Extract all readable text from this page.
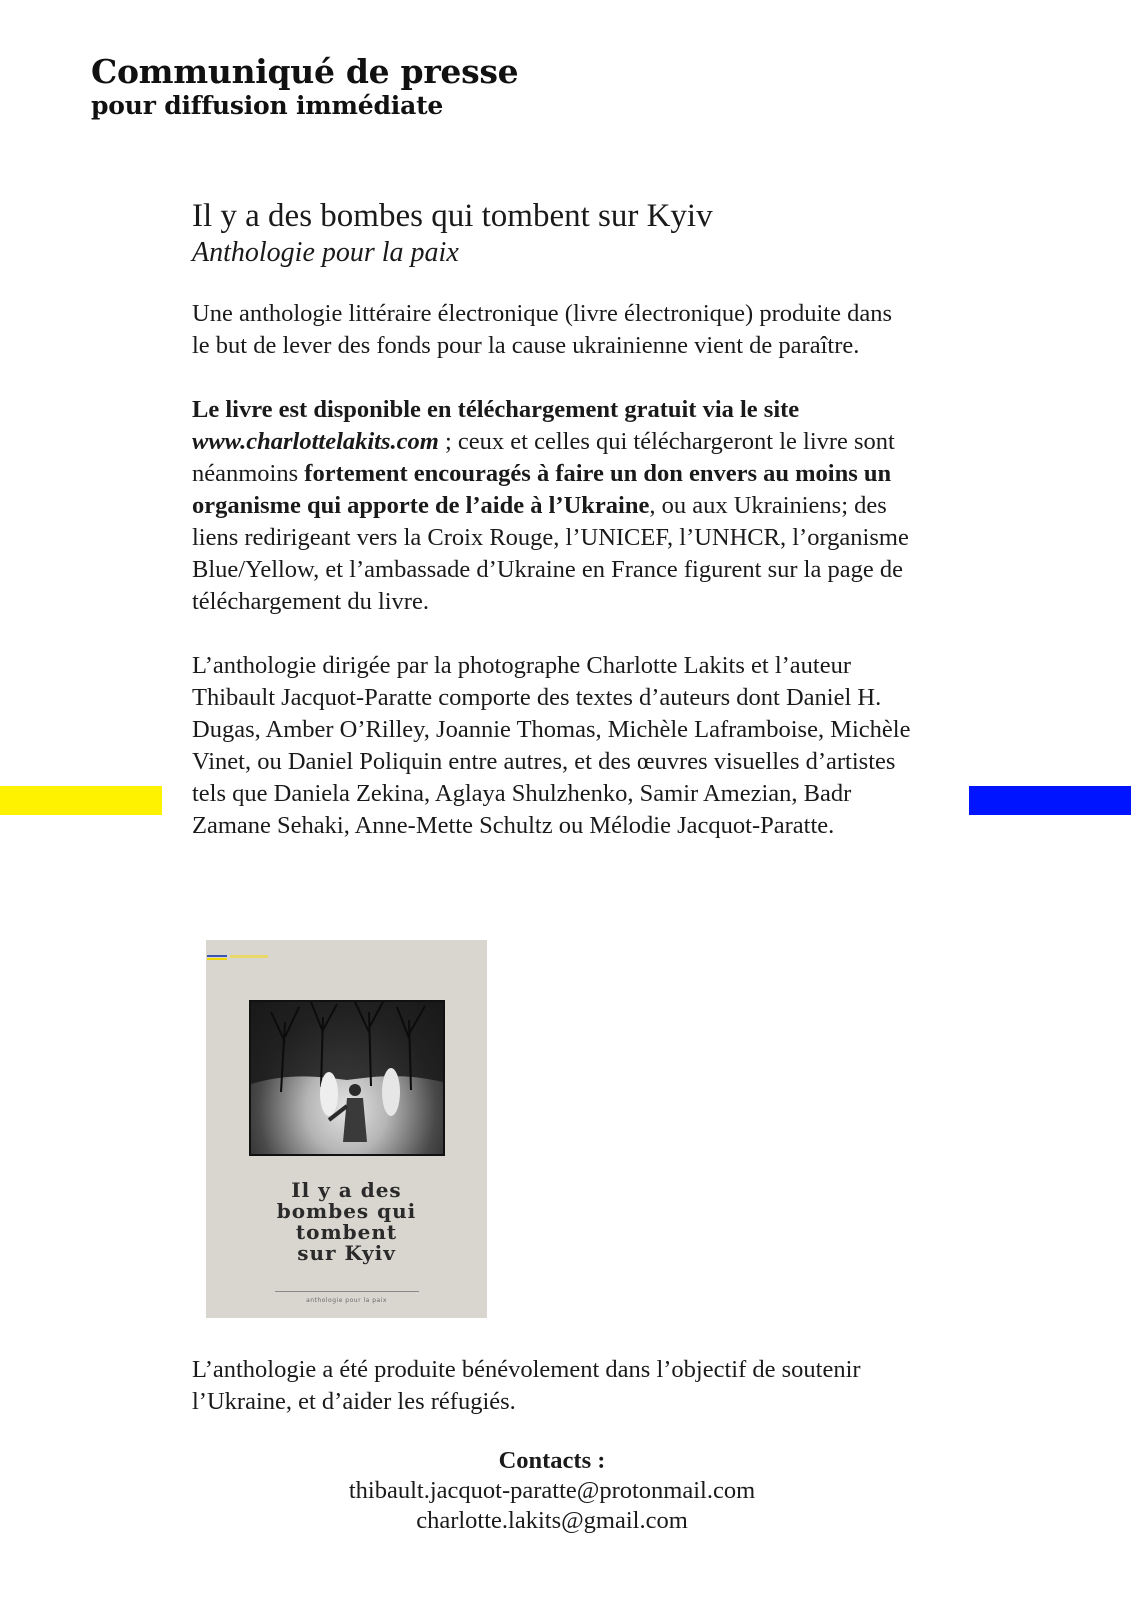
Communiqué de presse
pour diffusion immédiate
Il y a des bombes qui tombent sur Kyiv
Anthologie pour la paix

Une anthologie littéraire électronique (livre électronique) produite dans le but de lever des fonds pour la cause ukrainienne vient de paraître.

Le livre est disponible en téléchargement gratuit via le site www.charlottelakits.com ; ceux et celles qui téléchargeront le livre sont néanmoins fortement encouragés à faire un don envers au moins un organisme qui apporte de l’aide à l’Ukraine, ou aux Ukrainiens; des liens redirigeant vers la Croix Rouge, l’UNICEF, l’UNHCR, l’organisme Blue/Yellow, et l’ambassade d’Ukraine en France figurent sur la page de téléchargement du livre.

L’anthologie dirigée par la photographe Charlotte Lakits et l’auteur Thibault Jacquot-Paratte comporte des textes d’auteurs dont Daniel H. Dugas, Amber O’Rilley, Joannie Thomas, Michèle Laframboise, Michèle Vinet, ou Daniel Poliquin entre autres, et des œuvres visuelles d’artistes tels que Daniela Zekina, Aglaya Shulzhenko, Samir Amezian, Badr Zamane Sehaki, Anne-Mette Schultz ou Mélodie Jacquot-Paratte.

Il y a des
bombes qui
tombent
sur Kyiv
anthologie pour la paix

L’anthologie a été produite bénévolement dans l’objectif de soutenir l’Ukraine, et d’aider les réfugiés.

Contacts :
thibault.jacquot-paratte@protonmail.com
charlotte.lakits@gmail.com
